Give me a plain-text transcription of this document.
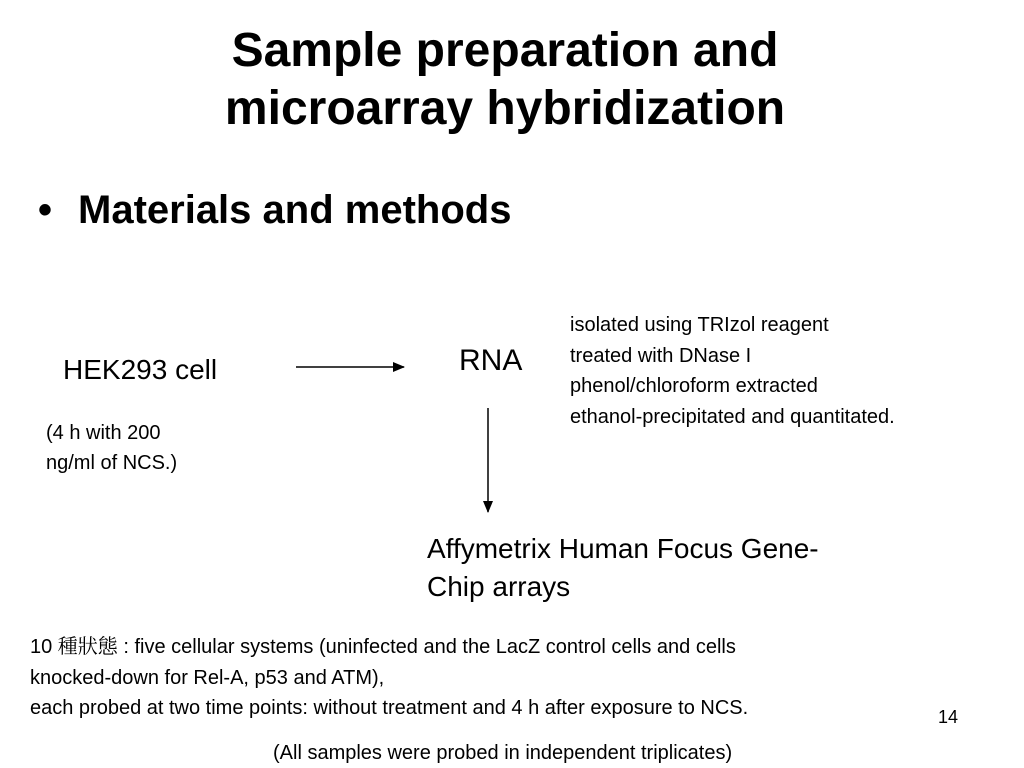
Sample preparation and
microarray hybridization
• Materials and methods
HEK293 cell
(4 h with 200
ng/ml of NCS.)
RNA
isolated using TRIzol reagent
treated with DNase I
phenol/chloroform extracted
ethanol-precipitated and quantitated.
Affymetrix Human Focus Gene-
Chip arrays
10 種狀態 : five cellular systems (uninfected and the LacZ control cells and cells
knocked-down for Rel-A, p53 and ATM),
each probed at two time points: without treatment and 4 h after exposure to NCS.	14
(All samples were probed in independent triplicates)
